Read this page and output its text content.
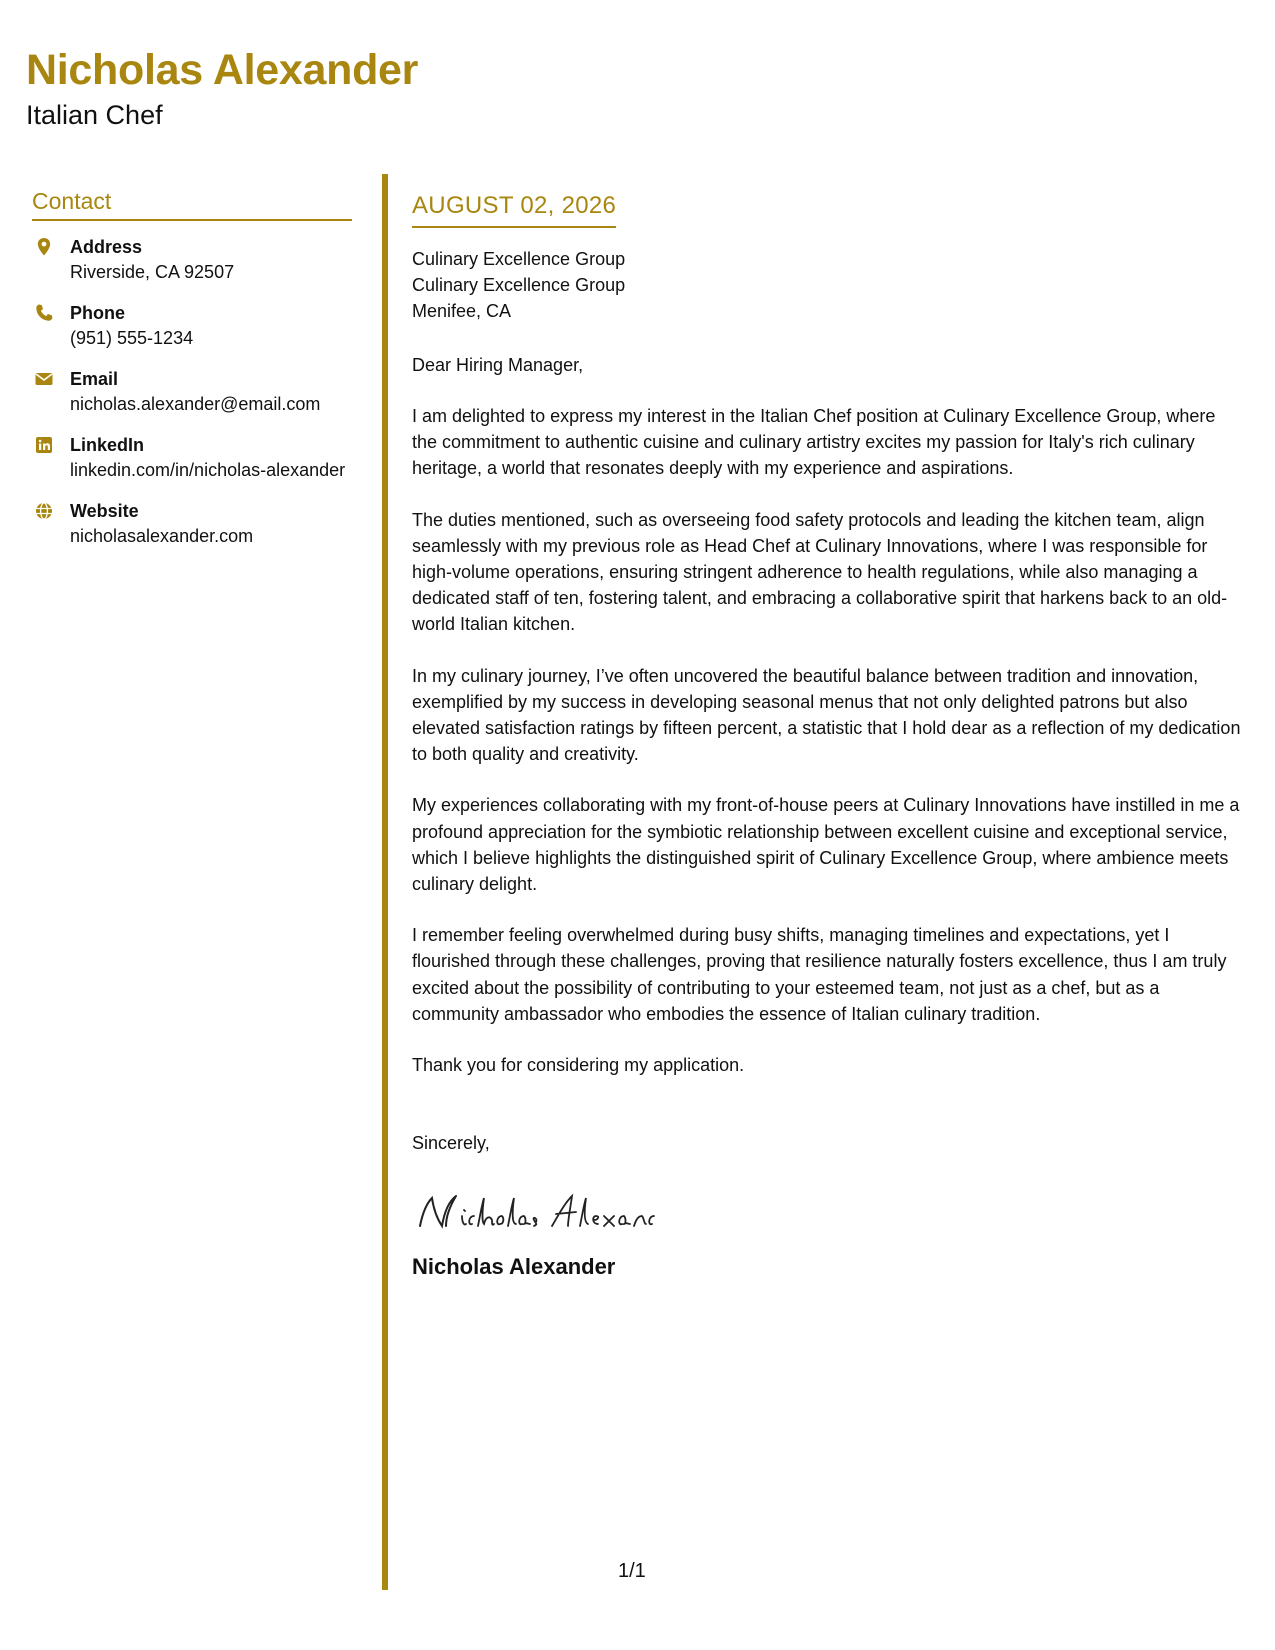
Nicholas Alexander
Italian Chef
Contact
Address
Riverside, CA 92507
Phone
(951) 555-1234
Email
nicholas.alexander@email.com
LinkedIn
linkedin.com/in/nicholas-alexander
Website
nicholasalexander.com
AUGUST 02, 2026
Culinary Excellence Group
Culinary Excellence Group
Menifee, CA
Dear Hiring Manager,
I am delighted to express my interest in the Italian Chef position at Culinary Excellence Group, where the commitment to authentic cuisine and culinary artistry excites my passion for Italy's rich culinary heritage, a world that resonates deeply with my experience and aspirations.
The duties mentioned, such as overseeing food safety protocols and leading the kitchen team, align seamlessly with my previous role as Head Chef at Culinary Innovations, where I was responsible for high-volume operations, ensuring stringent adherence to health regulations, while also managing a dedicated staff of ten, fostering talent, and embracing a collaborative spirit that harkens back to an old-world Italian kitchen.
In my culinary journey, I’ve often uncovered the beautiful balance between tradition and innovation, exemplified by my success in developing seasonal menus that not only delighted patrons but also elevated satisfaction ratings by fifteen percent, a statistic that I hold dear as a reflection of my dedication to both quality and creativity.
My experiences collaborating with my front-of-house peers at Culinary Innovations have instilled in me a profound appreciation for the symbiotic relationship between excellent cuisine and exceptional service, which I believe highlights the distinguished spirit of Culinary Excellence Group, where ambience meets culinary delight.
I remember feeling overwhelmed during busy shifts, managing timelines and expectations, yet I flourished through these challenges, proving that resilience naturally fosters excellence, thus I am truly excited about the possibility of contributing to your esteemed team, not just as a chef, but as a community ambassador who embodies the essence of Italian culinary tradition.
Thank you for considering my application.
Sincerely,
Nicholas Alexander
1/1
